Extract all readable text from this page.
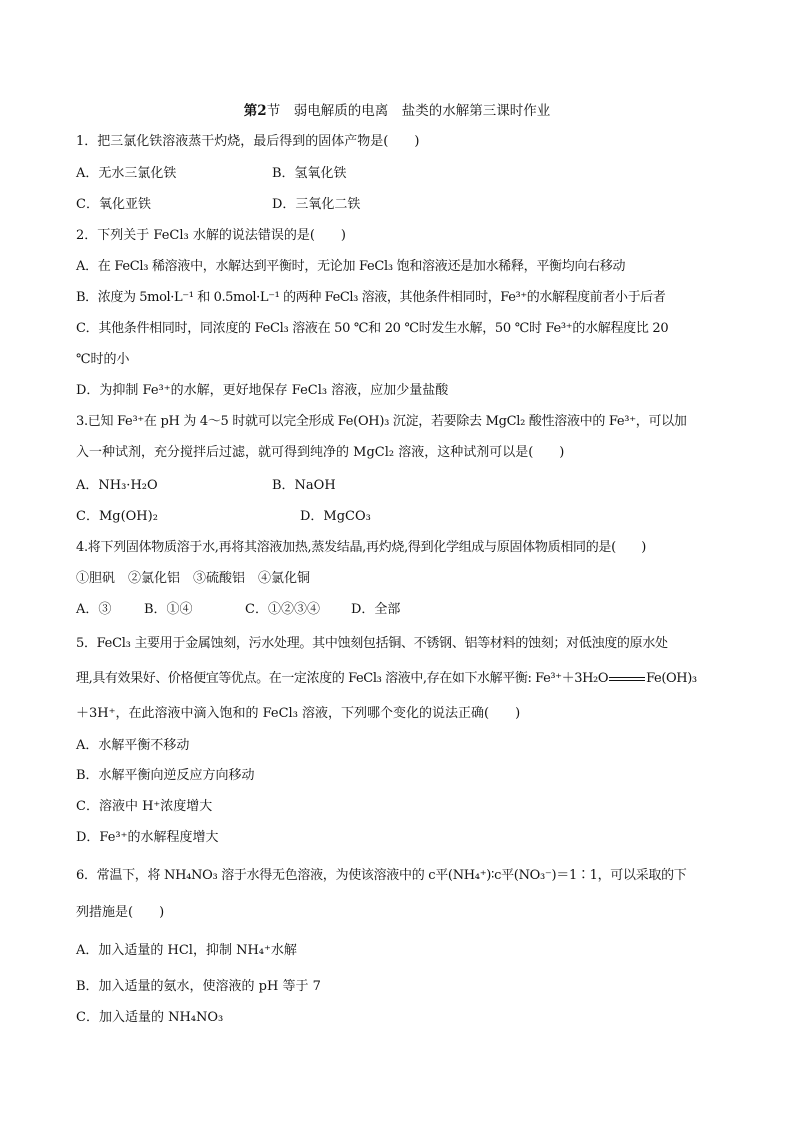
第2节　弱电解质的电离　盐类的水解第三课时作业
1．把三氯化铁溶液蒸干灼烧，最后得到的固体产物是(　　)
A．无水三氯化铁	B．氢氧化铁
C．氧化亚铁	D．三氧化二铁
2．下列关于 FeCl₃ 水解的说法错误的是(　　)
A．在 FeCl₃ 稀溶液中，水解达到平衡时，无论加 FeCl₃ 饱和溶液还是加水稀释，平衡均向右移动
B．浓度为 5mol·L⁻¹ 和 0.5mol·L⁻¹ 的两种 FeCl₃ 溶液，其他条件相同时，Fe³⁺的水解程度前者小于后者
C．其他条件相同时，同浓度的 FeCl₃ 溶液在 50 ℃和 20 ℃时发生水解，50 ℃时 Fe³⁺的水解程度比 20
℃时的小
D．为抑制 Fe³⁺的水解，更好地保存 FeCl₃ 溶液，应加少量盐酸
3.已知 Fe³⁺在 pH 为 4～5 时就可以完全形成 Fe(OH)₃ 沉淀，若要除去 MgCl₂ 酸性溶液中的 Fe³⁺，可以加
入一种试剂，充分搅拌后过滤，就可得到纯净的 MgCl₂ 溶液，这种试剂可以是(　　)
A．NH₃·H₂O	B．NaOH
C．Mg(OH)₂	D．MgCO₃
4.将下列固体物质溶于水,再将其溶液加热,蒸发结晶,再灼烧,得到化学组成与原固体物质相同的是(　　)
①胆矾　②氯化铝　③硫酸铝　④氯化铜
A．③	B．①④	C．①②③④ D．全部
5．FeCl₃ 主要用于金属蚀刻，污水处理。其中蚀刻包括铜、不锈钢、铝等材料的蚀刻；对低浊度的原水处
理,具有效果好、价格便宜等优点。在一定浓度的 FeCl₃ 溶液中,存在如下水解平衡: Fe³⁺＋3H₂O	Fe(OH)₃
＋3H⁺，在此溶液中滴入饱和的 FeCl₃ 溶液，下列哪个变化的说法正确(　　)
A．水解平衡不移动
B．水解平衡向逆反应方向移动
C．溶液中 H⁺浓度增大
D．Fe³⁺的水解程度增大
6．常温下，将 NH₄NO₃ 溶于水得无色溶液，为使该溶液中的 c平(NH₄⁺)∶c平(NO₃⁻)＝1∶1，可以采取的下
列措施是(　　)
A．加入适量的 HCl，抑制 NH₄⁺水解
B．加入适量的氨水，使溶液的 pH 等于 7
C．加入适量的 NH₄NO₃
